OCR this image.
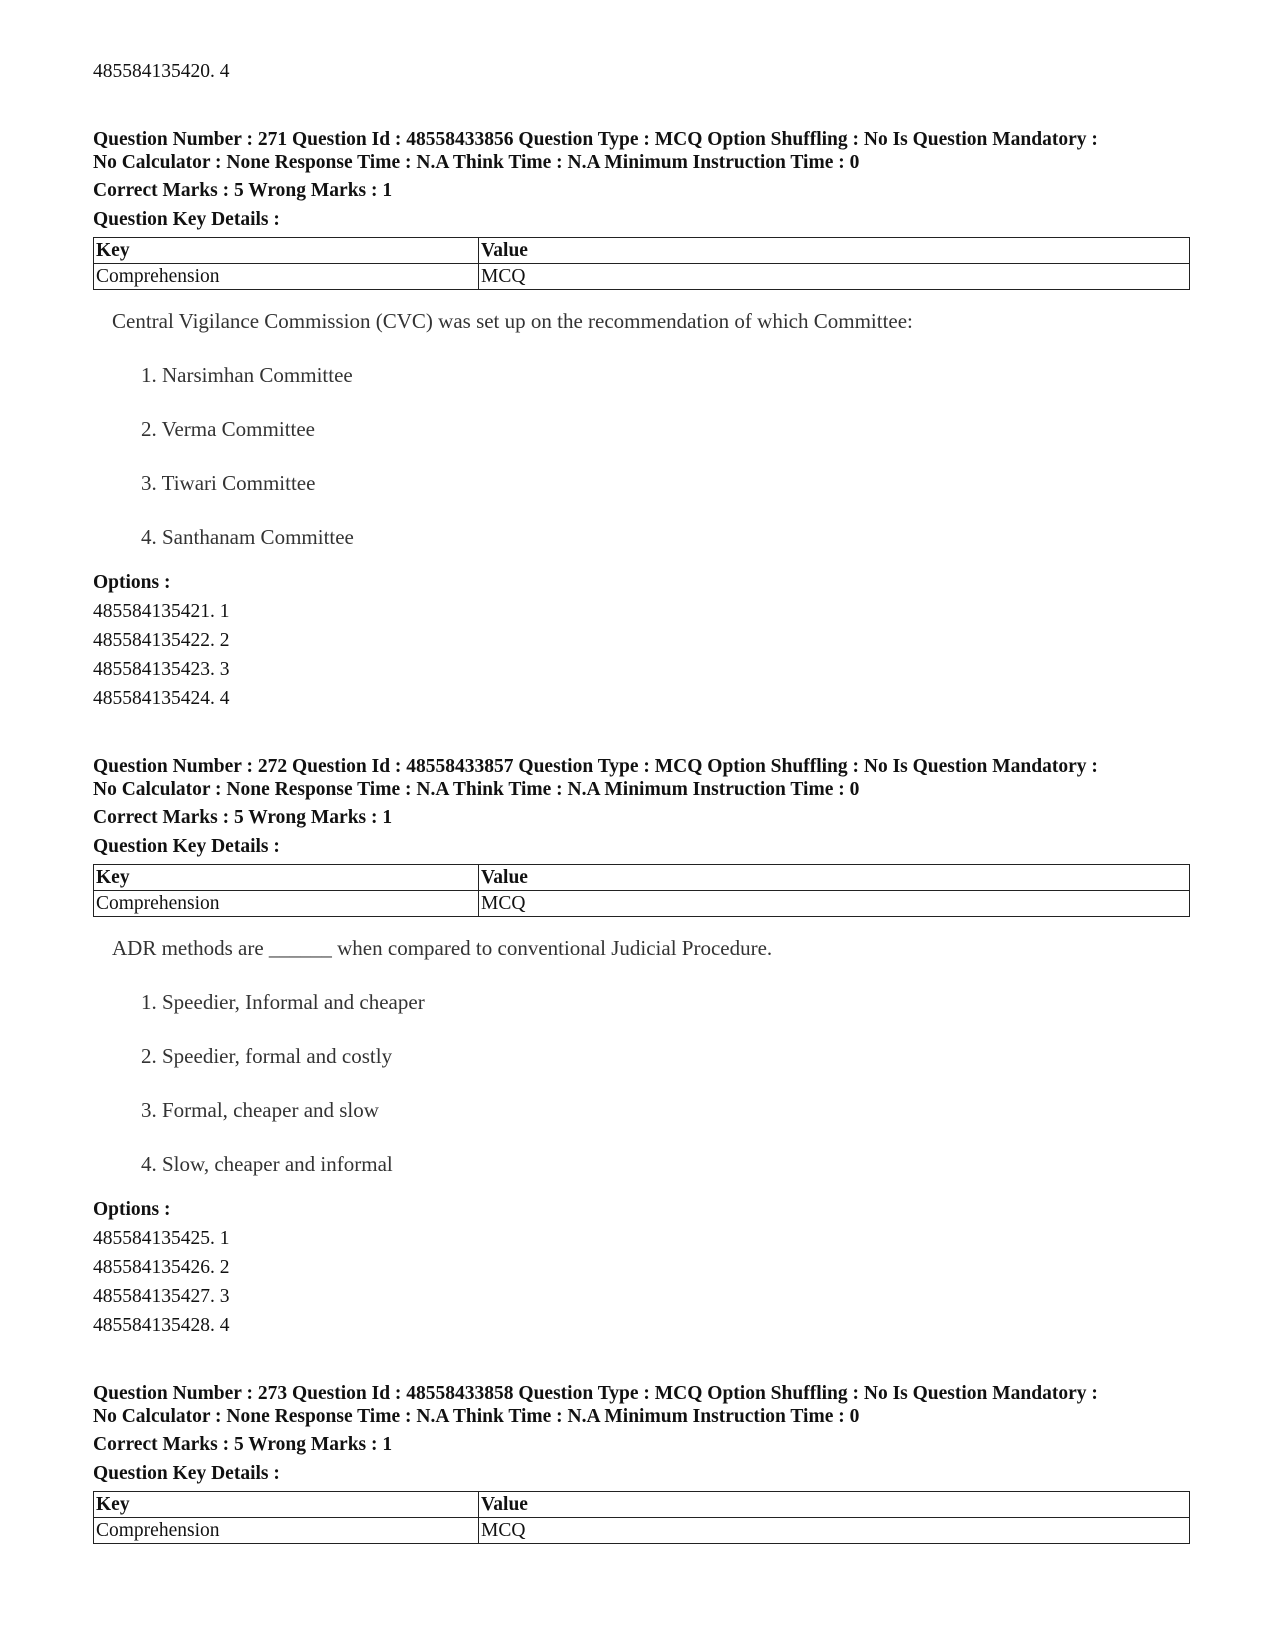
485584135420. 4
Question Number : 271 Question Id : 48558433856 Question Type : MCQ Option Shuffling : No Is Question Mandatory :
No Calculator : None Response Time : N.A Think Time : N.A Minimum Instruction Time : 0
Correct Marks : 5 Wrong Marks : 1
Question Key Details :
Key	Value
Comprehension	MCQ
Central Vigilance Commission (CVC) was set up on the recommendation of which Committee:
1. Narsimhan Committee
2. Verma Committee
3. Tiwari Committee
4. Santhanam Committee
Options :
485584135421. 1
485584135422. 2
485584135423. 3
485584135424. 4
Question Number : 272 Question Id : 48558433857 Question Type : MCQ Option Shuffling : No Is Question Mandatory :
No Calculator : None Response Time : N.A Think Time : N.A Minimum Instruction Time : 0
Correct Marks : 5 Wrong Marks : 1
Question Key Details :
Key	Value
Comprehension	MCQ
ADR methods are ______ when compared to conventional Judicial Procedure.
1. Speedier, Informal and cheaper
2. Speedier, formal and costly
3. Formal, cheaper and slow
4. Slow, cheaper and informal
Options :
485584135425. 1
485584135426. 2
485584135427. 3
485584135428. 4
Question Number : 273 Question Id : 48558433858 Question Type : MCQ Option Shuffling : No Is Question Mandatory :
No Calculator : None Response Time : N.A Think Time : N.A Minimum Instruction Time : 0
Correct Marks : 5 Wrong Marks : 1
Question Key Details :
Key	Value
Comprehension	MCQ
